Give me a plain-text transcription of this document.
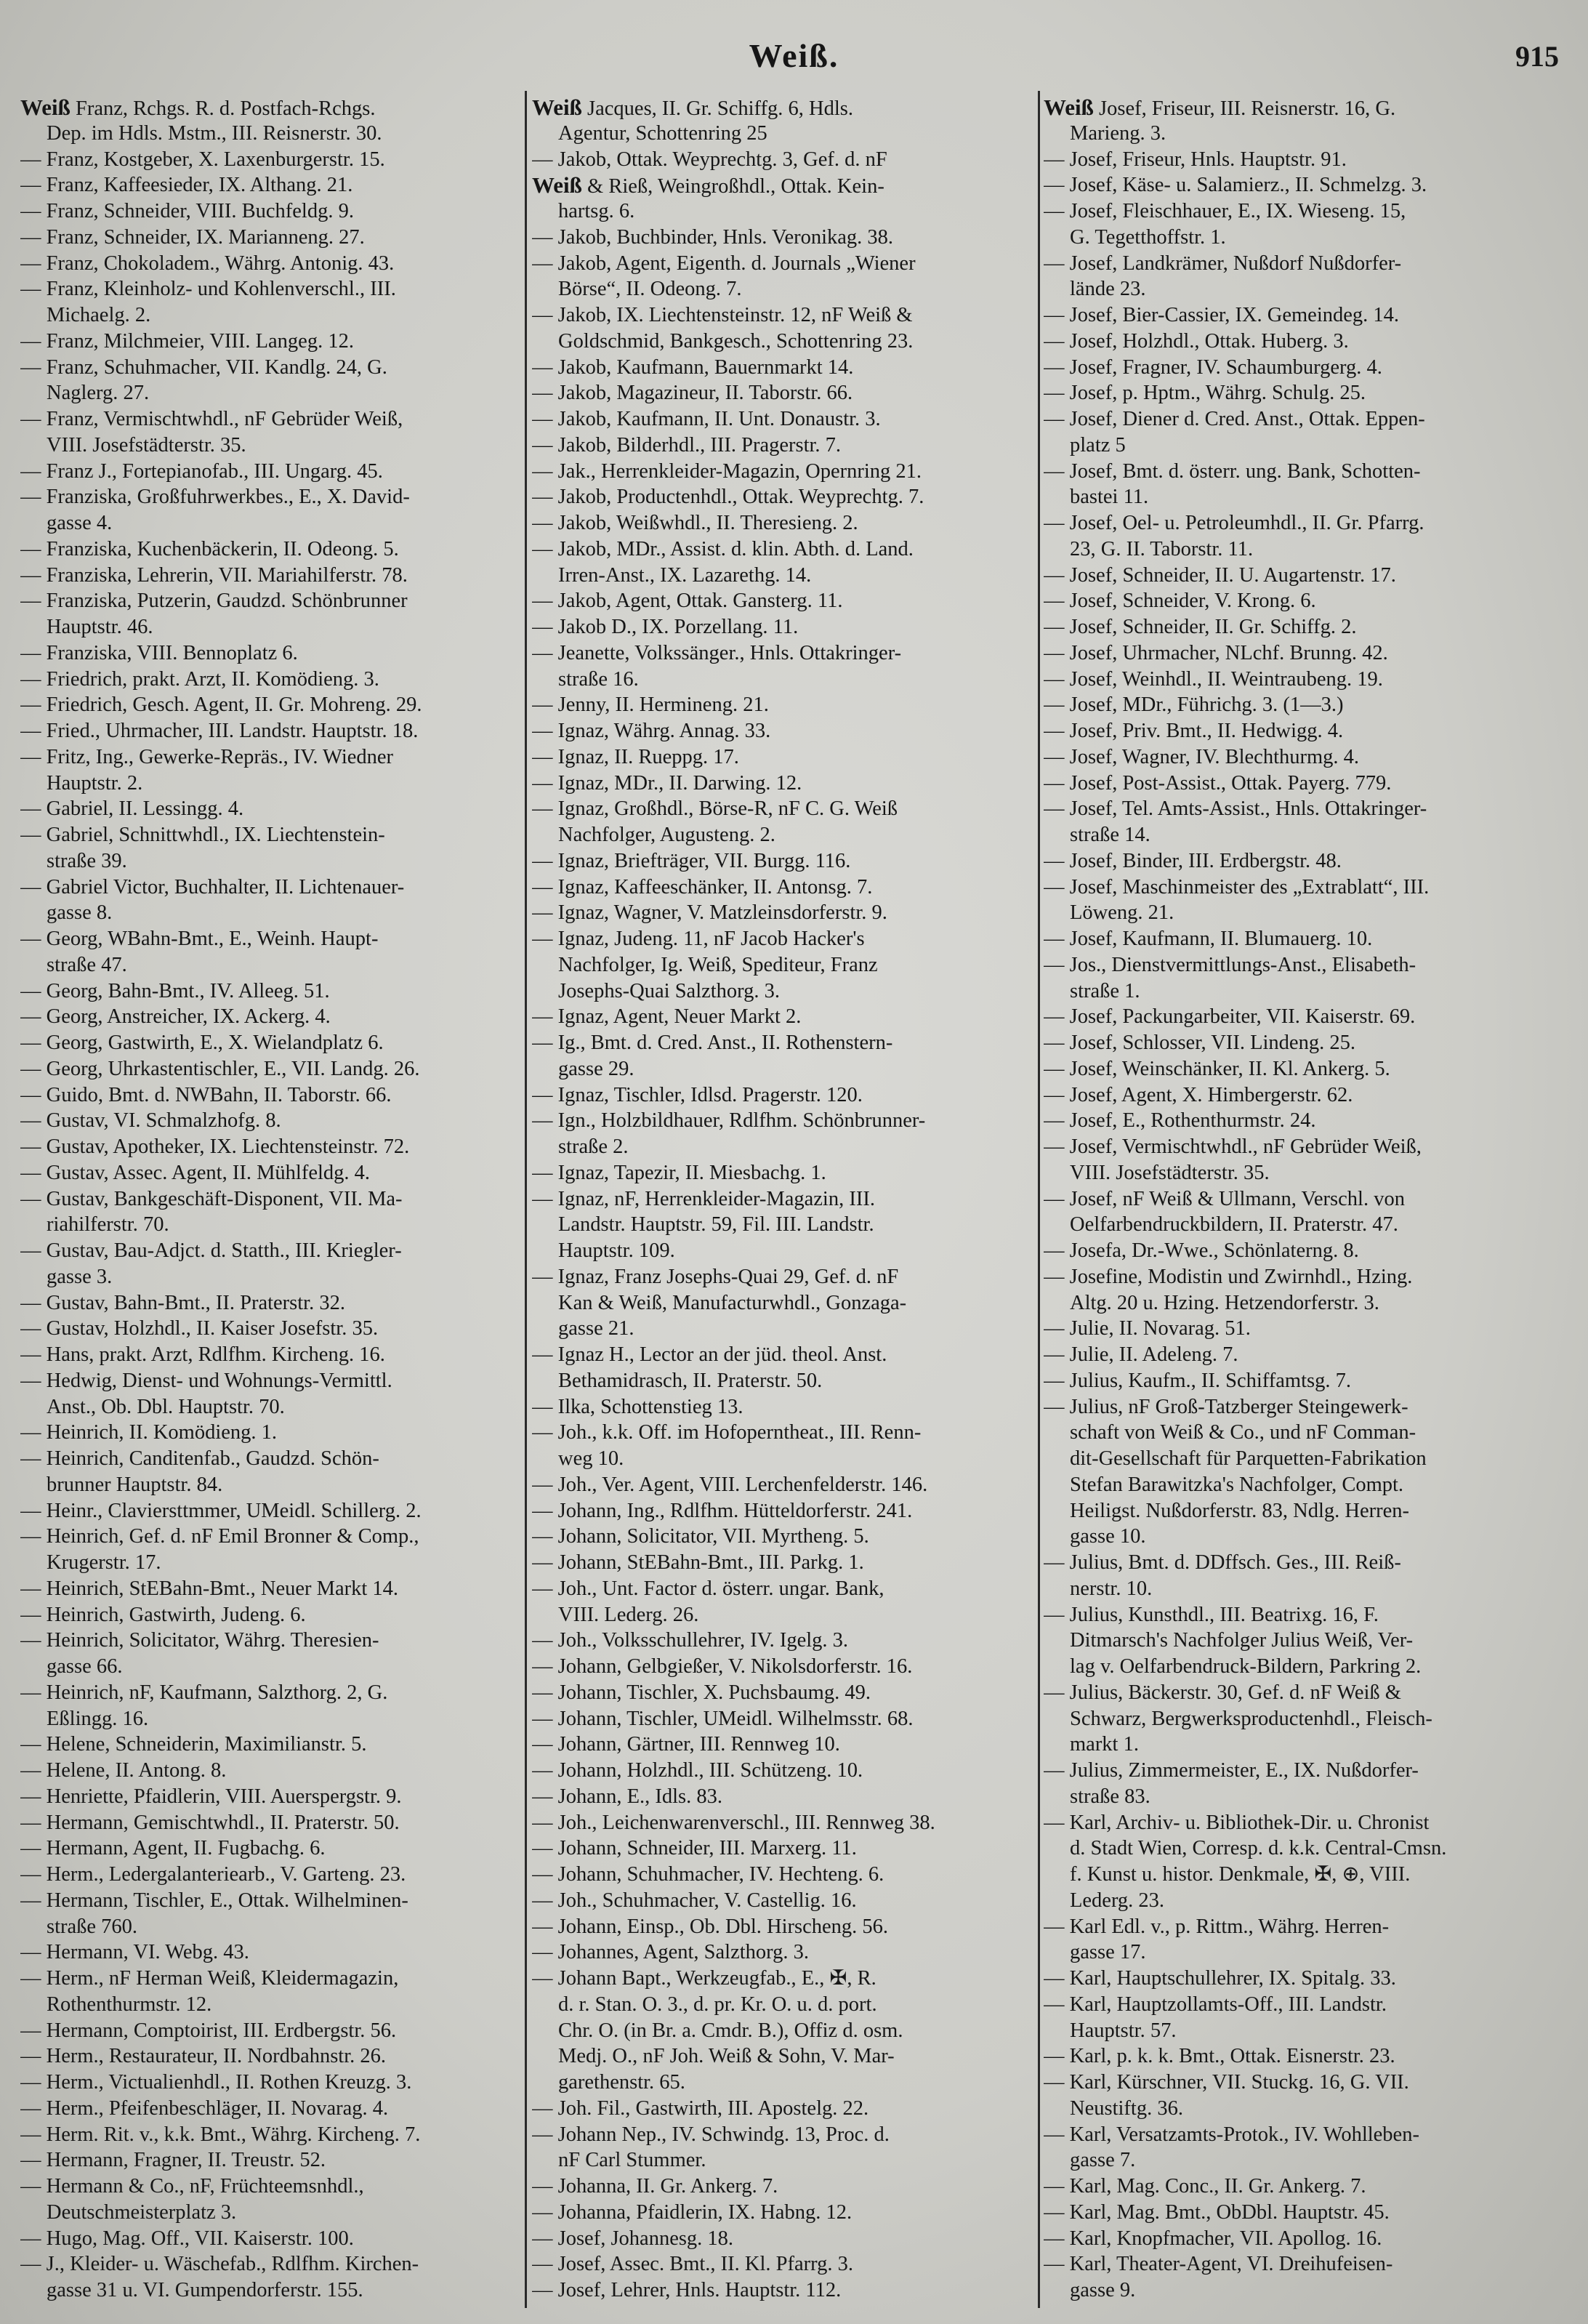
Weiß.	915
Weiß Franz, Rchgs. R. d. Postfach-Rchgs.
Dep. im Hdls. Mstm., III. Reisnerstr. 30.
— Franz, Kostgeber, X. Laxenburgerstr. 15.
— Franz, Kaffeesieder, IX. Althang. 21.
— Franz, Schneider, VIII. Buchfeldg. 9.
— Franz, Schneider, IX. Marianneng. 27.
— Franz, Chokoladem., Währg. Antonig. 43.
— Franz, Kleinholz- und Kohlenverschl., III.
Michaelg. 2.
— Franz, Milchmeier, VIII. Langeg. 12.
— Franz, Schuhmacher, VII. Kandlg. 24, G.
Naglerg. 27.
— Franz, Vermischtwhdl., nF Gebrüder Weiß,
VIII. Josefstädterstr. 35.
— Franz J., Fortepianofab., III. Ungarg. 45.
— Franziska, Großfuhrwerkbes., E., X. David-
gasse 4.
— Franziska, Kuchenbäckerin, II. Odeong. 5.
— Franziska, Lehrerin, VII. Mariahilferstr. 78.
— Franziska, Putzerin, Gaudzd. Schönbrunner
Hauptstr. 46.
— Franziska, VIII. Bennoplatz 6.
— Friedrich, prakt. Arzt, II. Komödieng. 3.
— Friedrich, Gesch. Agent, II. Gr. Mohreng. 29.
— Fried., Uhrmacher, III. Landstr. Hauptstr. 18.
— Fritz, Ing., Gewerke-Repräs., IV. Wiedner
Hauptstr. 2.
— Gabriel, II. Lessingg. 4.
— Gabriel, Schnittwhdl., IX. Liechtenstein-
straße 39.
— Gabriel Victor, Buchhalter, II. Lichtenauer-
gasse 8.
— Georg, WBahn-Bmt., E., Weinh. Haupt-
straße 47.
— Georg, Bahn-Bmt., IV. Alleeg. 51.
— Georg, Anstreicher, IX. Ackerg. 4.
— Georg, Gastwirth, E., X. Wielandplatz 6.
— Georg, Uhrkastentischler, E., VII. Landg. 26.
— Guido, Bmt. d. NWBahn, II. Taborstr. 66.
— Gustav, VI. Schmalzhofg. 8.
— Gustav, Apotheker, IX. Liechtensteinstr. 72.
— Gustav, Assec. Agent, II. Mühlfeldg. 4.
— Gustav, Bankgeschäft-Disponent, VII. Ma-
riahilferstr. 70.
— Gustav, Bau-Adjct. d. Statth., III. Kriegler-
gasse 3.
— Gustav, Bahn-Bmt., II. Praterstr. 32.
— Gustav, Holzhdl., II. Kaiser Josefstr. 35.
— Hans, prakt. Arzt, Rdlfhm. Kircheng. 16.
— Hedwig, Dienst- und Wohnungs-Vermittl.
Anst., Ob. Dbl. Hauptstr. 70.
— Heinrich, II. Komödieng. 1.
— Heinrich, Canditenfab., Gaudzd. Schön-
brunner Hauptstr. 84.
— Heinr., Claviersttmmer, UMeidl. Schillerg. 2.
— Heinrich, Gef. d. nF Emil Bronner & Comp.,
Krugerstr. 17.
— Heinrich, StEBahn-Bmt., Neuer Markt 14.
— Heinrich, Gastwirth, Judeng. 6.
— Heinrich, Solicitator, Währg. Theresien-
gasse 66.
— Heinrich, nF, Kaufmann, Salzthorg. 2, G.
Eßlingg. 16.
— Helene, Schneiderin, Maximilianstr. 5.
— Helene, II. Antong. 8.
— Henriette, Pfaidlerin, VIII. Auerspergstr. 9.
— Hermann, Gemischtwhdl., II. Praterstr. 50.
— Hermann, Agent, II. Fugbachg. 6.
— Herm., Ledergalanteriearb., V. Garteng. 23.
— Hermann, Tischler, E., Ottak. Wilhelminen-
straße 760.
— Hermann, VI. Webg. 43.
— Herm., nF Herman Weiß, Kleidermagazin,
Rothenthurmstr. 12.
— Hermann, Comptoirist, III. Erdbergstr. 56.
— Herm., Restaurateur, II. Nordbahnstr. 26.
— Herm., Victualienhdl., II. Rothen Kreuzg. 3.
— Herm., Pfeifenbeschläger, II. Novarag. 4.
— Herm. Rit. v., k.k. Bmt., Währg. Kircheng. 7.
— Hermann, Fragner, II. Treustr. 52.
— Hermann & Co., nF, Früchteemsnhdl.,
Deutschmeisterplatz 3.
— Hugo, Mag. Off., VII. Kaiserstr. 100.
— J., Kleider- u. Wäschefab., Rdlfhm. Kirchen-
gasse 31 u. VI. Gumpendorferstr. 155.
Weiß Jacques, II. Gr. Schiffg. 6, Hdls.
Agentur, Schottenring 25
— Jakob, Ottak. Weyprechtg. 3, Gef. d. nF
Weiß & Rieß, Weingroßhdl., Ottak. Kein-
hartsg. 6.
— Jakob, Buchbinder, Hnls. Veronikag. 38.
— Jakob, Agent, Eigenth. d. Journals „Wiener
Börse“, II. Odeong. 7.
— Jakob, IX. Liechtensteinstr. 12, nF Weiß &
Goldschmid, Bankgesch., Schottenring 23.
— Jakob, Kaufmann, Bauernmarkt 14.
— Jakob, Magazineur, II. Taborstr. 66.
— Jakob, Kaufmann, II. Unt. Donaustr. 3.
— Jakob, Bilderhdl., III. Pragerstr. 7.
— Jak., Herrenkleider-Magazin, Opernring 21.
— Jakob, Productenhdl., Ottak. Weyprechtg. 7.
— Jakob, Weißwhdl., II. Theresieng. 2.
— Jakob, MDr., Assist. d. klin. Abth. d. Land.
Irren-Anst., IX. Lazarethg. 14.
— Jakob, Agent, Ottak. Gansterg. 11.
— Jakob D., IX. Porzellang. 11.
— Jeanette, Volkssänger., Hnls. Ottakringer-
straße 16.
— Jenny, II. Hermineng. 21.
— Ignaz, Währg. Annag. 33.
— Ignaz, II. Rueppg. 17.
— Ignaz, MDr., II. Darwing. 12.
— Ignaz, Großhdl., Börse-R, nF C. G. Weiß
Nachfolger, Augusteng. 2.
— Ignaz, Briefträger, VII. Burgg. 116.
— Ignaz, Kaffeeschänker, II. Antonsg. 7.
— Ignaz, Wagner, V. Matzleinsdorferstr. 9.
— Ignaz, Judeng. 11, nF Jacob Hacker's
Nachfolger, Ig. Weiß, Spediteur, Franz
Josephs-Quai Salzthorg. 3.
— Ignaz, Agent, Neuer Markt 2.
— Ig., Bmt. d. Cred. Anst., II. Rothenstern-
gasse 29.
— Ignaz, Tischler, Idlsd. Pragerstr. 120.
— Ign., Holzbildhauer, Rdlfhm. Schönbrunner-
straße 2.
— Ignaz, Tapezir, II. Miesbachg. 1.
— Ignaz, nF, Herrenkleider-Magazin, III.
Landstr. Hauptstr. 59, Fil. III. Landstr.
Hauptstr. 109.
— Ignaz, Franz Josephs-Quai 29, Gef. d. nF
Kan & Weiß, Manufacturwhdl., Gonzaga-
gasse 21.
— Ignaz H., Lector an der jüd. theol. Anst.
Bethamidrasch, II. Praterstr. 50.
— Ilka, Schottenstieg 13.
— Joh., k.k. Off. im Hofoperntheat., III. Renn-
weg 10.
— Joh., Ver. Agent, VIII. Lerchenfelderstr. 146.
— Johann, Ing., Rdlfhm. Hütteldorferstr. 241.
— Johann, Solicitator, VII. Myrtheng. 5.
— Johann, StEBahn-Bmt., III. Parkg. 1.
— Joh., Unt. Factor d. österr. ungar. Bank,
VIII. Lederg. 26.
— Joh., Volksschullehrer, IV. Igelg. 3.
— Johann, Gelbgießer, V. Nikolsdorferstr. 16.
— Johann, Tischler, X. Puchsbaumg. 49.
— Johann, Tischler, UMeidl. Wilhelmsstr. 68.
— Johann, Gärtner, III. Rennweg 10.
— Johann, Holzhdl., III. Schützeng. 10.
— Johann, E., Idls. 83.
— Joh., Leichenwarenverschl., III. Rennweg 38.
— Johann, Schneider, III. Marxerg. 11.
— Johann, Schuhmacher, IV. Hechteng. 6.
— Joh., Schuhmacher, V. Castellig. 16.
— Johann, Einsp., Ob. Dbl. Hirscheng. 56.
— Johannes, Agent, Salzthorg. 3.
— Johann Bapt., Werkzeugfab., E., ✠, R.
d. r. Stan. O. 3., d. pr. Kr. O. u. d. port.
Chr. O. (in Br. a. Cmdr. B.), Offiz d. osm.
Medj. O., nF Joh. Weiß & Sohn, V. Mar-
garethenstr. 65.
— Joh. Fil., Gastwirth, III. Apostelg. 22.
— Johann Nep., IV. Schwindg. 13, Proc. d.
nF Carl Stummer.
— Johanna, II. Gr. Ankerg. 7.
— Johanna, Pfaidlerin, IX. Habng. 12.
— Josef, Johannesg. 18.
— Josef, Assec. Bmt., II. Kl. Pfarrg. 3.
— Josef, Lehrer, Hnls. Hauptstr. 112.
Weiß Josef, Friseur, III. Reisnerstr. 16, G.
Marieng. 3.
— Josef, Friseur, Hnls. Hauptstr. 91.
— Josef, Käse- u. Salamierz., II. Schmelzg. 3.
— Josef, Fleischhauer, E., IX. Wieseng. 15,
G. Tegetthoffstr. 1.
— Josef, Landkrämer, Nußdorf Nußdorfer-
lände 23.
— Josef, Bier-Cassier, IX. Gemeindeg. 14.
— Josef, Holzhdl., Ottak. Huberg. 3.
— Josef, Fragner, IV. Schaumburgerg. 4.
— Josef, p. Hptm., Währg. Schulg. 25.
— Josef, Diener d. Cred. Anst., Ottak. Eppen-
platz 5
— Josef, Bmt. d. österr. ung. Bank, Schotten-
bastei 11.
— Josef, Oel- u. Petroleumhdl., II. Gr. Pfarrg.
23, G. II. Taborstr. 11.
— Josef, Schneider, II. U. Augartenstr. 17.
— Josef, Schneider, V. Krong. 6.
— Josef, Schneider, II. Gr. Schiffg. 2.
— Josef, Uhrmacher, NLchf. Brunng. 42.
— Josef, Weinhdl., II. Weintraubeng. 19.
— Josef, MDr., Führichg. 3. (1—3.)
— Josef, Priv. Bmt., II. Hedwigg. 4.
— Josef, Wagner, IV. Blechthurmg. 4.
— Josef, Post-Assist., Ottak. Payerg. 779.
— Josef, Tel. Amts-Assist., Hnls. Ottakringer-
straße 14.
— Josef, Binder, III. Erdbergstr. 48.
— Josef, Maschinmeister des „Extrablatt“, III.
Löweng. 21.
— Josef, Kaufmann, II. Blumauerg. 10.
— Jos., Dienstvermittlungs-Anst., Elisabeth-
straße 1.
— Josef, Packungarbeiter, VII. Kaiserstr. 69.
— Josef, Schlosser, VII. Lindeng. 25.
— Josef, Weinschänker, II. Kl. Ankerg. 5.
— Josef, Agent, X. Himbergerstr. 62.
— Josef, E., Rothenthurmstr. 24.
— Josef, Vermischtwhdl., nF Gebrüder Weiß,
VIII. Josefstädterstr. 35.
— Josef, nF Weiß & Ullmann, Verschl. von
Oelfarbendruckbildern, II. Praterstr. 47.
— Josefa, Dr.-Wwe., Schönlaterng. 8.
— Josefine, Modistin und Zwirnhdl., Hzing.
Altg. 20 u. Hzing. Hetzendorferstr. 3.
— Julie, II. Novarag. 51.
— Julie, II. Adeleng. 7.
— Julius, Kaufm., II. Schiffamtsg. 7.
— Julius, nF Groß-Tatzberger Steingewerk-
schaft von Weiß & Co., und nF Comman-
dit-Gesellschaft für Parquetten-Fabrikation
Stefan Barawitzka's Nachfolger, Compt.
Heiligst. Nußdorferstr. 83, Ndlg. Herren-
gasse 10.
— Julius, Bmt. d. DDffsch. Ges., III. Reiß-
nerstr. 10.
— Julius, Kunsthdl., III. Beatrixg. 16, F.
Ditmarsch's Nachfolger Julius Weiß, Ver-
lag v. Oelfarbendruck-Bildern, Parkring 2.
— Julius, Bäckerstr. 30, Gef. d. nF Weiß &
Schwarz, Bergwerksproductenhdl., Fleisch-
markt 1.
— Julius, Zimmermeister, E., IX. Nußdorfer-
straße 83.
— Karl, Archiv- u. Bibliothek-Dir. u. Chronist
d. Stadt Wien, Corresp. d. k.k. Central-Cmsn.
f. Kunst u. histor. Denkmale, ✠, ⊕, VIII.
Lederg. 23.
— Karl Edl. v., p. Rittm., Währg. Herren-
gasse 17.
— Karl, Hauptschullehrer, IX. Spitalg. 33.
— Karl, Hauptzollamts-Off., III. Landstr.
Hauptstr. 57.
— Karl, p. k. k. Bmt., Ottak. Eisnerstr. 23.
— Karl, Kürschner, VII. Stuckg. 16, G. VII.
Neustiftg. 36.
— Karl, Versatzamts-Protok., IV. Wohlleben-
gasse 7.
— Karl, Mag. Conc., II. Gr. Ankerg. 7.
— Karl, Mag. Bmt., ObDbl. Hauptstr. 45.
— Karl, Knopfmacher, VII. Apollog. 16.
— Karl, Theater-Agent, VI. Dreihufeisen-
gasse 9.
